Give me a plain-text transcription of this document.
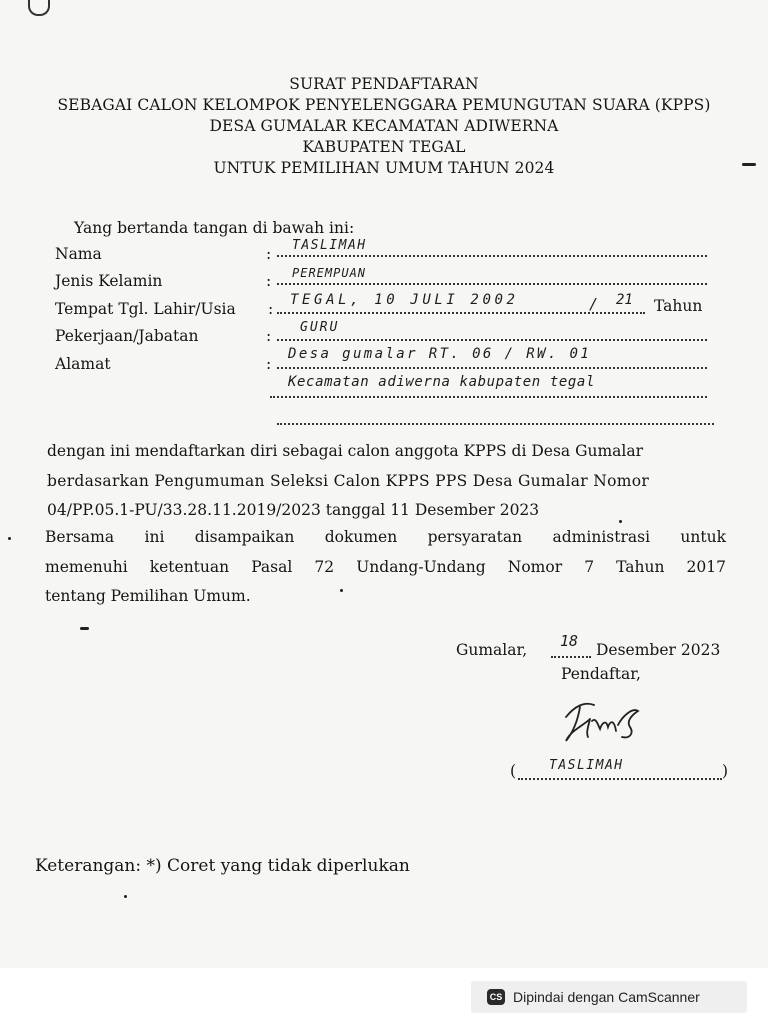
SURAT PENDAFTARAN
SEBAGAI CALON KELOMPOK PENYELENGGARA PEMUNGUTAN SUARA (KPPS)
DESA GUMALAR KECAMATAN ADIWERNA
KABUPATEN TEGAL
UNTUK PEMILIHAN UMUM TAHUN 2024
Yang bertanda tangan di bawah ini:
Nama	: TASLIMAH
Jenis Kelamin	: PEREMPUAN
Tempat Tgl. Lahir/Usia : TEGAL, 10 JULI 2002	/ 21 Tahun
Pekerjaan/Jabatan	: GURU
Alamat	:
Desa gumalar RT. 06 / RW. 01
Kecamatan adiwerna kabupaten tegal
dengan ini mendaftarkan diri sebagai calon anggota KPPS di Desa Gumalar
berdasarkan Pengumuman Seleksi Calon KPPS PPS Desa Gumalar Nomor
04/PP.05.1-PU/33.28.11.2019/2023 tanggal 11 Desember 2023
Bersama ini disampaikan dokumen persyaratan administrasi untuk
memenuhi ketentuan Pasal 72 Undang-Undang Nomor 7 Tahun 2017
tentang Pemilihan Umum.
Gumalar, 18 Desember 2023
Pendaftar,
(	TASLIMAH	)
Keterangan: *) Coret yang tidak diperlukan
CS Dipindai dengan CamScanner
